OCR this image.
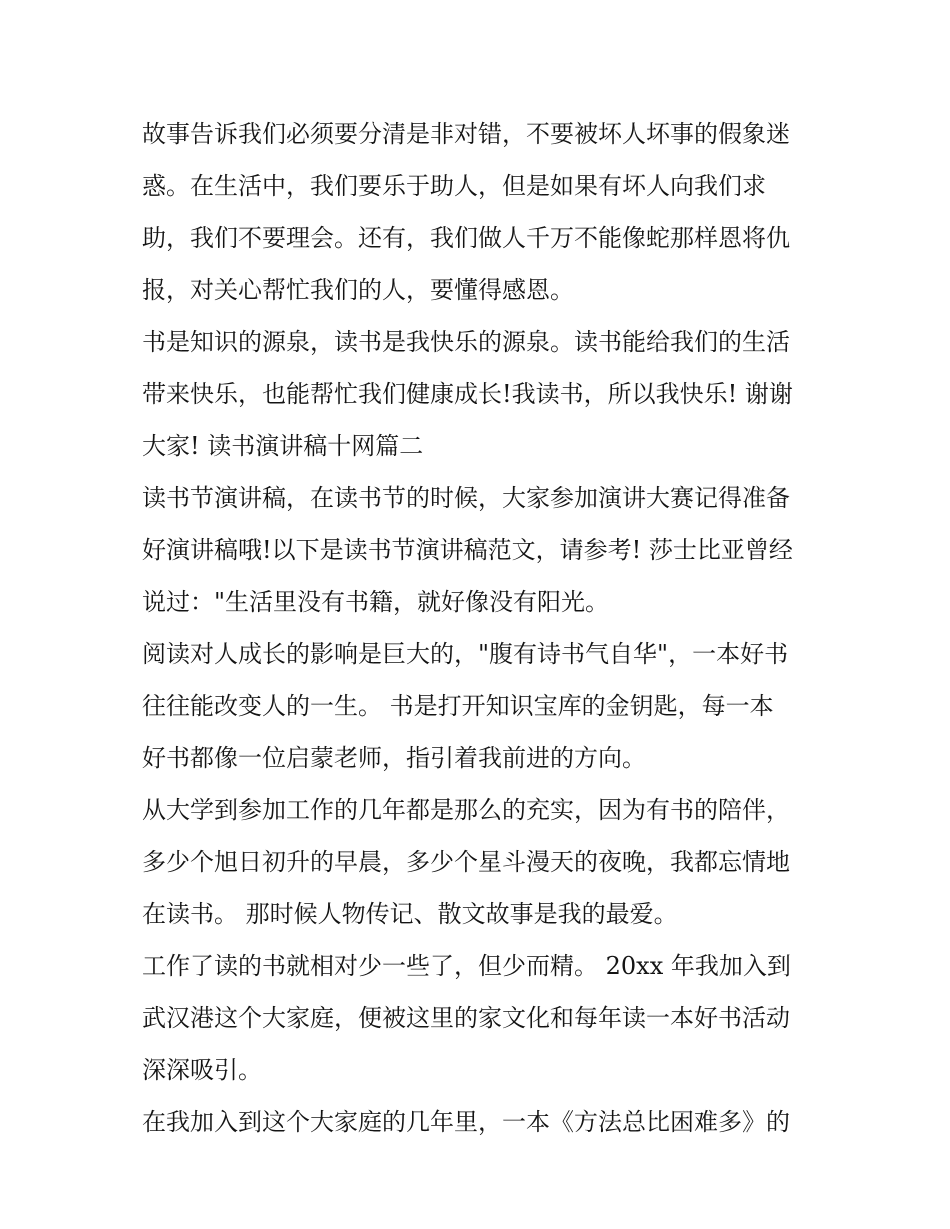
故事告诉我们必须要分清是非对错，不要被坏人坏事的假象迷
惑。在生活中，我们要乐于助人，但是如果有坏人向我们求
助，我们不要理会。还有，我们做人千万不能像蛇那样恩将仇
报，对关心帮忙我们的人，要懂得感恩。
书是知识的源泉，读书是我快乐的源泉。读书能给我们的生活
带来快乐，也能帮忙我们健康成长!我读书，所以我快乐! 谢谢
大家! 读书演讲稿十网篇二
读书节演讲稿，在读书节的时候，大家参加演讲大赛记得准备
好演讲稿哦!以下是读书节演讲稿范文，请参考! 莎士比亚曾经
说过："生活里没有书籍，就好像没有阳光。
阅读对人成长的影响是巨大的，"腹有诗书气自华"，一本好书
往往能改变人的一生。 书是打开知识宝库的金钥匙，每一本
好书都像一位启蒙老师，指引着我前进的方向。
从大学到参加工作的几年都是那么的充实，因为有书的陪伴，
多少个旭日初升的早晨，多少个星斗漫天的夜晚，我都忘情地
在读书。 那时候人物传记、散文故事是我的最爱。
工作了读的书就相对少一些了，但少而精。 20xx 年我加入到
武汉港这个大家庭，便被这里的家文化和每年读一本好书活动
深深吸引。
在我加入到这个大家庭的几年里，一本《方法总比困难多》的
